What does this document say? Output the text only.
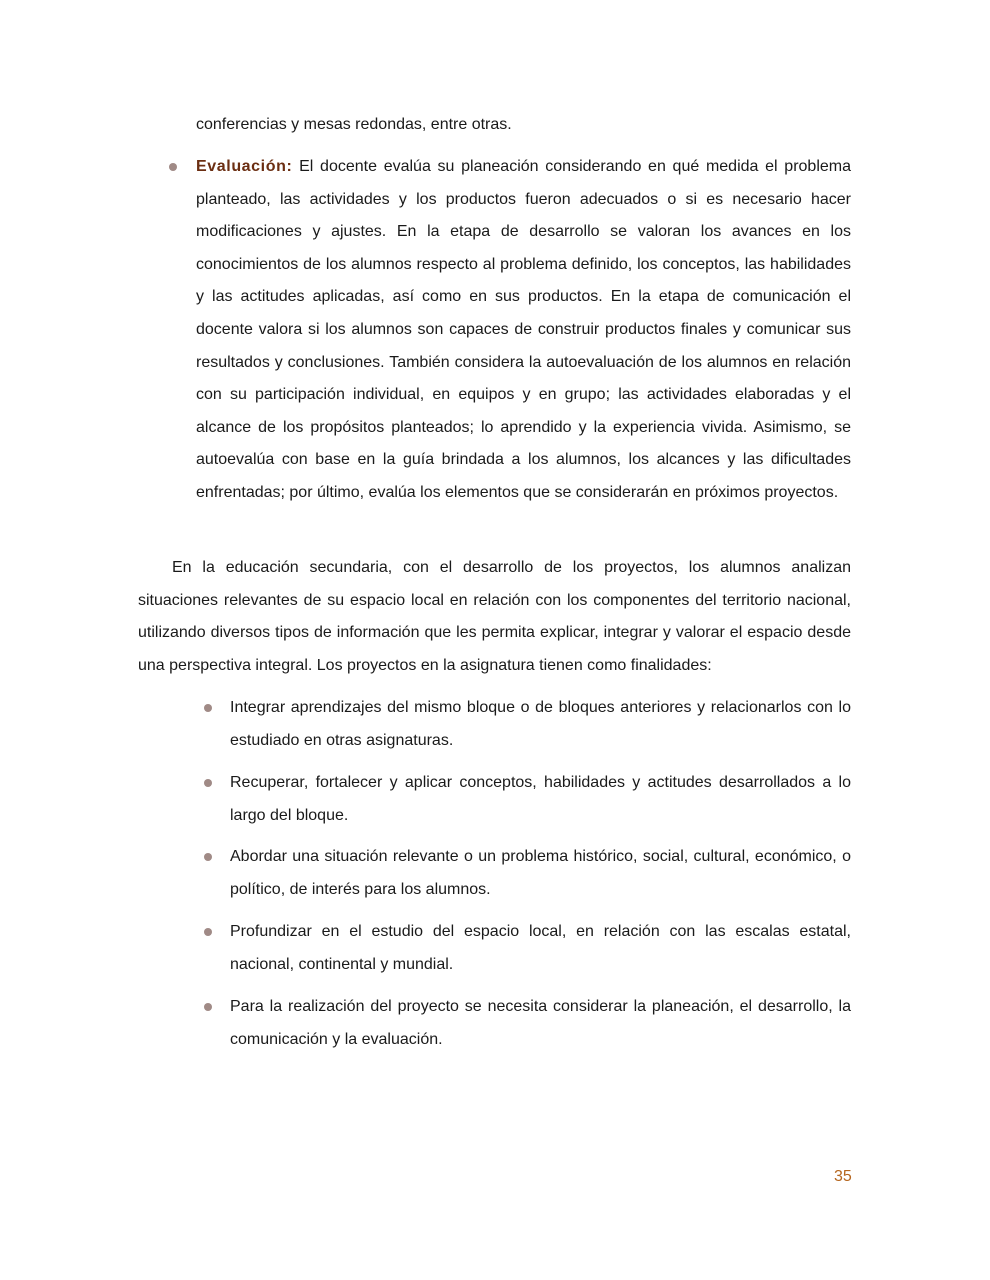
conferencias y mesas redondas, entre otras.

Evaluación: El docente evalúa su planeación considerando en qué medida el problema planteado, las actividades y los productos fueron adecuados o si es necesario hacer modificaciones y ajustes. En la etapa de desarrollo se valoran los avances en los conocimientos de los alumnos respecto al problema definido, los conceptos, las habilidades y las actitudes aplicadas, así como en sus productos. En la etapa de comunicación el docente valora si los alumnos son capaces de construir productos finales y comunicar sus resultados y conclusiones. También considera la autoevaluación de los alumnos en relación con su participación individual, en equipos y en grupo; las actividades elaboradas y el alcance de los propósitos planteados; lo aprendido y la experiencia vivida. Asimismo, se autoevalúa con base en la guía brindada a los alumnos, los alcances y las dificultades enfrentadas; por último, evalúa los elementos que se considerarán en próximos proyectos.

En la educación secundaria, con el desarrollo de los proyectos, los alumnos analizan situaciones relevantes de su espacio local en relación con los componentes del territorio nacional, utilizando diversos tipos de información que les permita explicar, integrar y valorar el espacio desde una perspectiva integral. Los proyectos en la asignatura tienen como finalidades:

Integrar aprendizajes del mismo bloque o de bloques anteriores y relacionarlos con lo estudiado en otras asignaturas.

Recuperar, fortalecer y aplicar conceptos, habilidades y actitudes desarrollados a lo largo del bloque.

Abordar una situación relevante o un problema histórico, social, cultural, económico, o político, de interés para los alumnos.

Profundizar en el estudio del espacio local, en relación con las escalas estatal, nacional, continental y mundial.

Para la realización del proyecto se necesita considerar la planeación, el desarrollo, la comunicación y la evaluación.

35
